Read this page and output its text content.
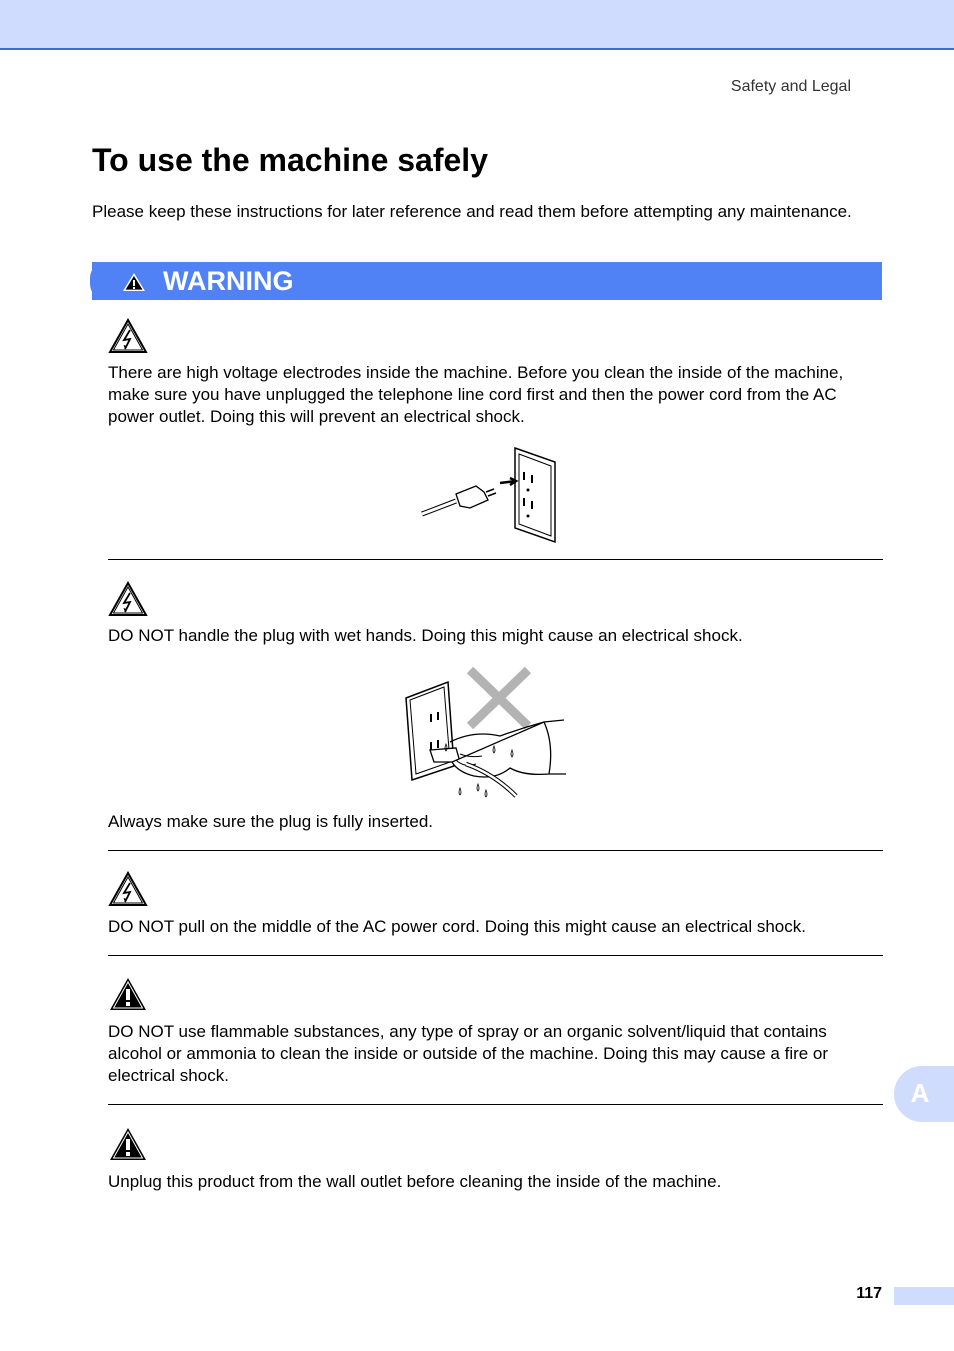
Safety and Legal
To use the machine safely
Please keep these instructions for later reference and read them before attempting any maintenance.
WARNING
There are high voltage electrodes inside the machine. Before you clean the inside of the machine, make sure you have unplugged the telephone line cord first and then the power cord from the AC power outlet. Doing this will prevent an electrical shock.
DO NOT handle the plug with wet hands. Doing this might cause an electrical shock.
Always make sure the plug is fully inserted.
DO NOT pull on the middle of the AC power cord. Doing this might cause an electrical shock.
DO NOT use flammable substances, any type of spray or an organic solvent/liquid that contains alcohol or ammonia to clean the inside or outside of the machine. Doing this may cause a fire or electrical shock.
Unplug this product from the wall outlet before cleaning the inside of the machine.
A
117
